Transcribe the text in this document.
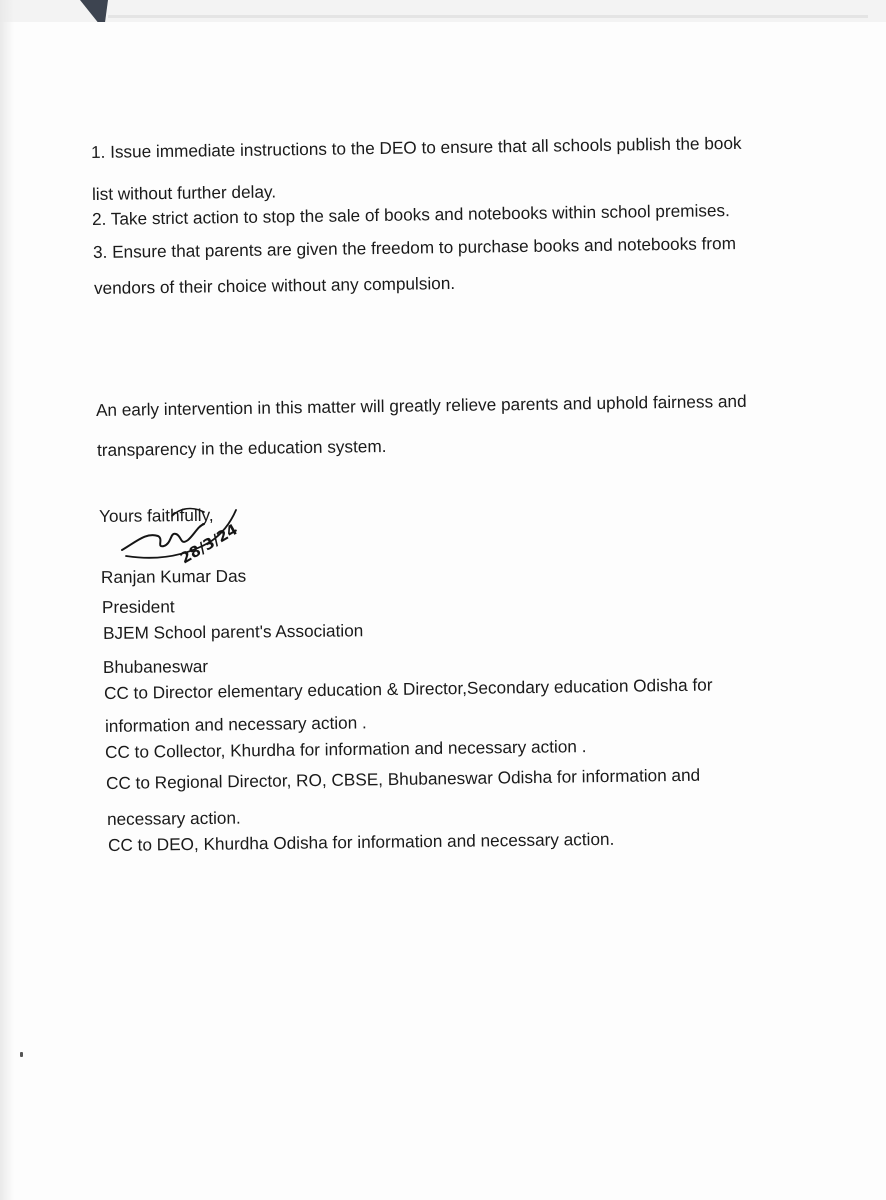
1. Issue immediate instructions to the DEO to ensure that all schools publish the book
list without further delay.
2. Take strict action to stop the sale of books and notebooks within school premises.
3. Ensure that parents are given the freedom to purchase books and notebooks from
vendors of their choice without any compulsion.
An early intervention in this matter will greatly relieve parents and uphold fairness and
transparency in the education system.
Yours faithfully,
28/3/24
Ranjan Kumar Das
President
BJEM School parent's Association
Bhubaneswar
CC to Director elementary education & Director,Secondary education Odisha for
information and necessary action .
CC to Collector, Khurdha for information and necessary action .
CC to Regional Director, RO, CBSE, Bhubaneswar Odisha for information and
necessary action.
CC to DEO, Khurdha Odisha for information and necessary action.
